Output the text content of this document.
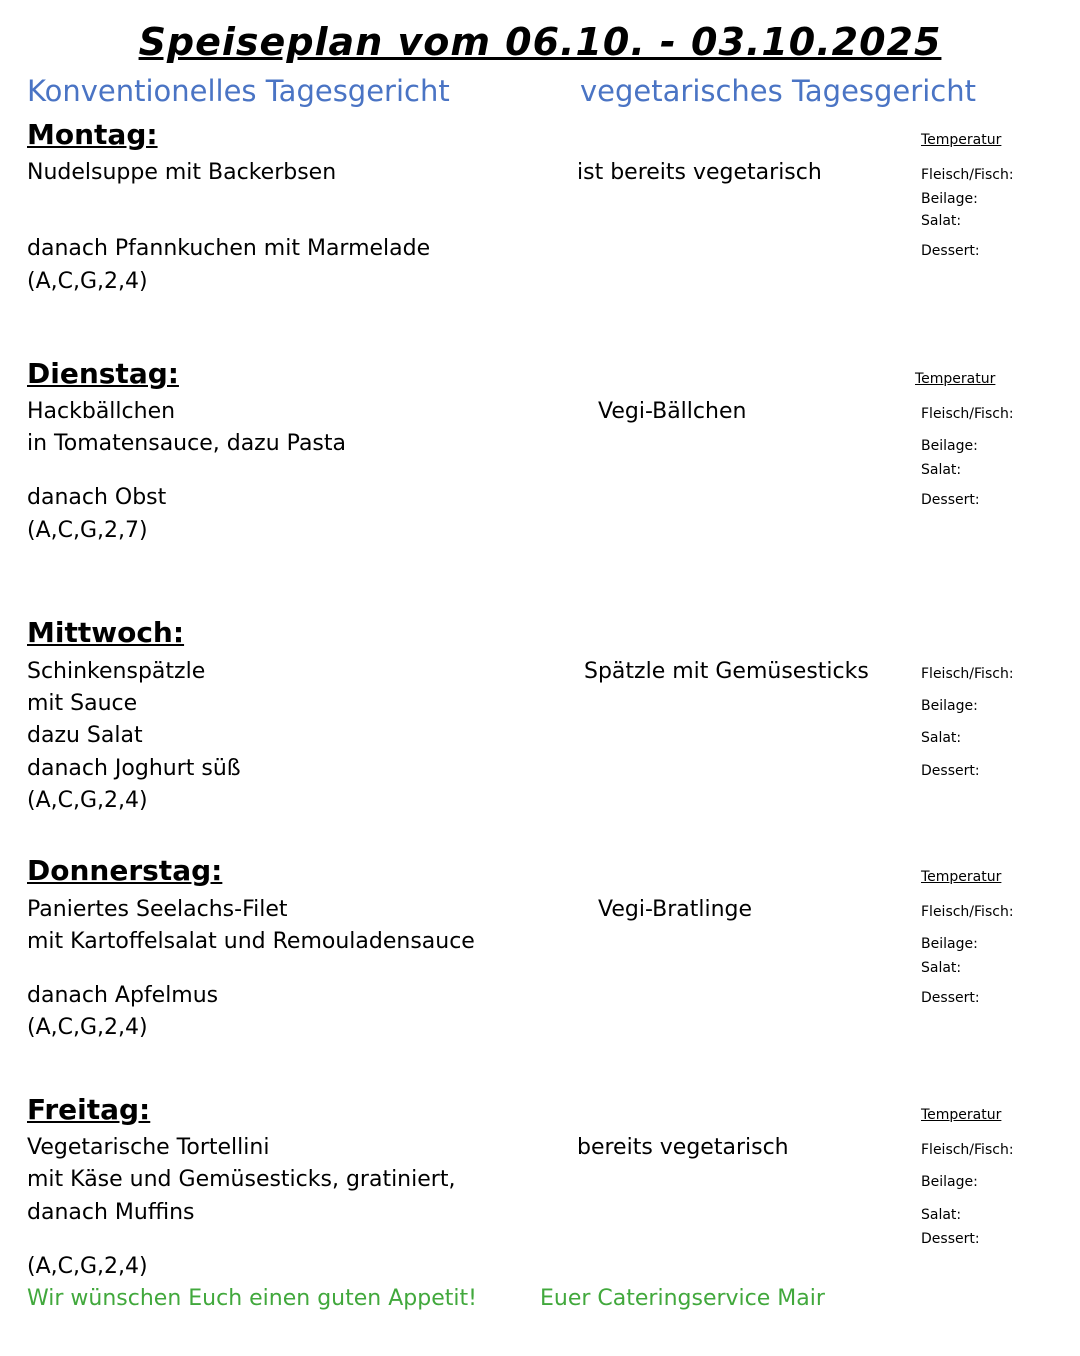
Speiseplan vom 06.10. - 03.10.2025
Konventionelles Tagesgericht	vegetarisches Tagesgericht
Montag:	Temperatur
Nudelsuppe mit Backerbsen	ist bereits vegetarisch	Fleisch/Fisch:
Beilage:
Salat:
danach Pfannkuchen mit Marmelade	Dessert:
(A,C,G,2,4)
Dienstag:	Temperatur
Hackbällchen	Vegi-Bällchen	Fleisch/Fisch:
in Tomatensauce, dazu Pasta	Beilage:
Salat:
danach Obst	Dessert:
(A,C,G,2,7)
Mittwoch:
Schinkenspätzle	Spätzle mit Gemüsesticks	Fleisch/Fisch:
mit Sauce	Beilage:
dazu Salat	Salat:
danach Joghurt süß	Dessert:
(A,C,G,2,4)
Donnerstag:	Temperatur
Paniertes Seelachs-Filet	Vegi-Bratlinge	Fleisch/Fisch:
mit Kartoffelsalat und Remouladensauce	Beilage:
Salat:
danach Apfelmus	Dessert:
(A,C,G,2,4)
Freitag:	Temperatur
Vegetarische Tortellini	bereits vegetarisch	Fleisch/Fisch:
mit Käse und Gemüsesticks, gratiniert,	Beilage:
danach Muffins	Salat:
Dessert:
(A,C,G,2,4)
Wir wünschen Euch einen guten Appetit!	Euer Cateringservice Mair
